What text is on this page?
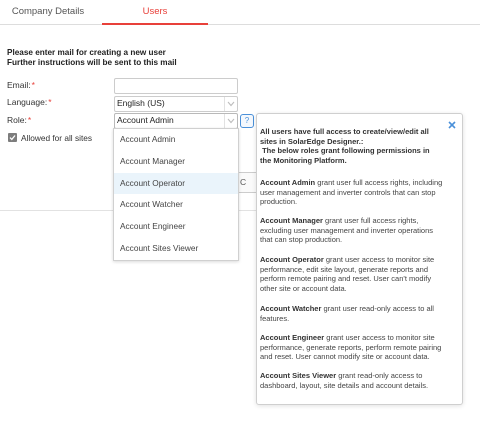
Company Details	Users
Please enter mail for creating a new user
Further instructions will be sent to this mail
Email:*
Language:*
Role:*
English (US)
Account Admin	?
Allowed for all sites
C
Account Admin
Account Manager
Account Operator
Account Watcher
Account Engineer
Account Sites Viewer
All users have full access to create/view/edit all
sites in SolarEdge Designer.:
The below roles grant following permissions in
the Monitoring Platform.
Account Admin grant user full access rights, including
user management and inverter controls that can stop
production.
Account Manager grant user full access rights,
excluding user management and inverter operations
that can stop production.
Account Operator grant user access to monitor site
performance, edit site layout, generate reports and
perform remote pairing and reset. User can't modify
other site or account data.
Account Watcher grant user read-only access to all
features.
Account Engineer grant user access to monitor site
performance, generate reports, perform remote pairing
and reset. User cannot modify site or account data.
Account Sites Viewer grant read-only access to
dashboard, layout, site details and account details.
